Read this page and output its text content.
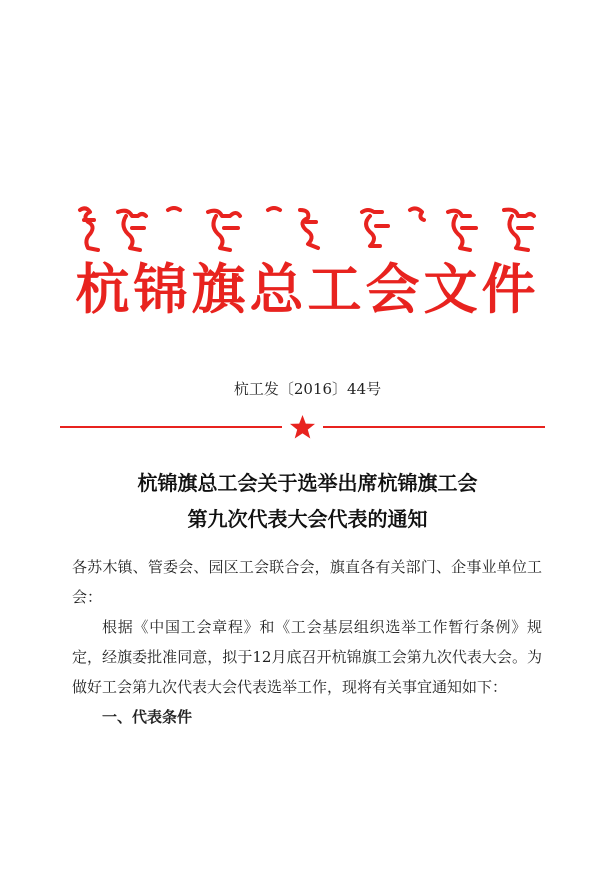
杭锦旗总工会文件
杭工发〔2016〕44号
杭锦旗总工会关于选举出席杭锦旗工会
第九次代表大会代表的通知

各苏木镇、管委会、园区工会联合会，旗直各有关部门、企事业单位工会：

根据《中国工会章程》和《工会基层组织选举工作暂行条例》规定，经旗委批准同意，拟于12月底召开杭锦旗工会第九次代表大会。为做好工会第九次代表大会代表选举工作，现将有关事宜通知如下：

一、代表条件
